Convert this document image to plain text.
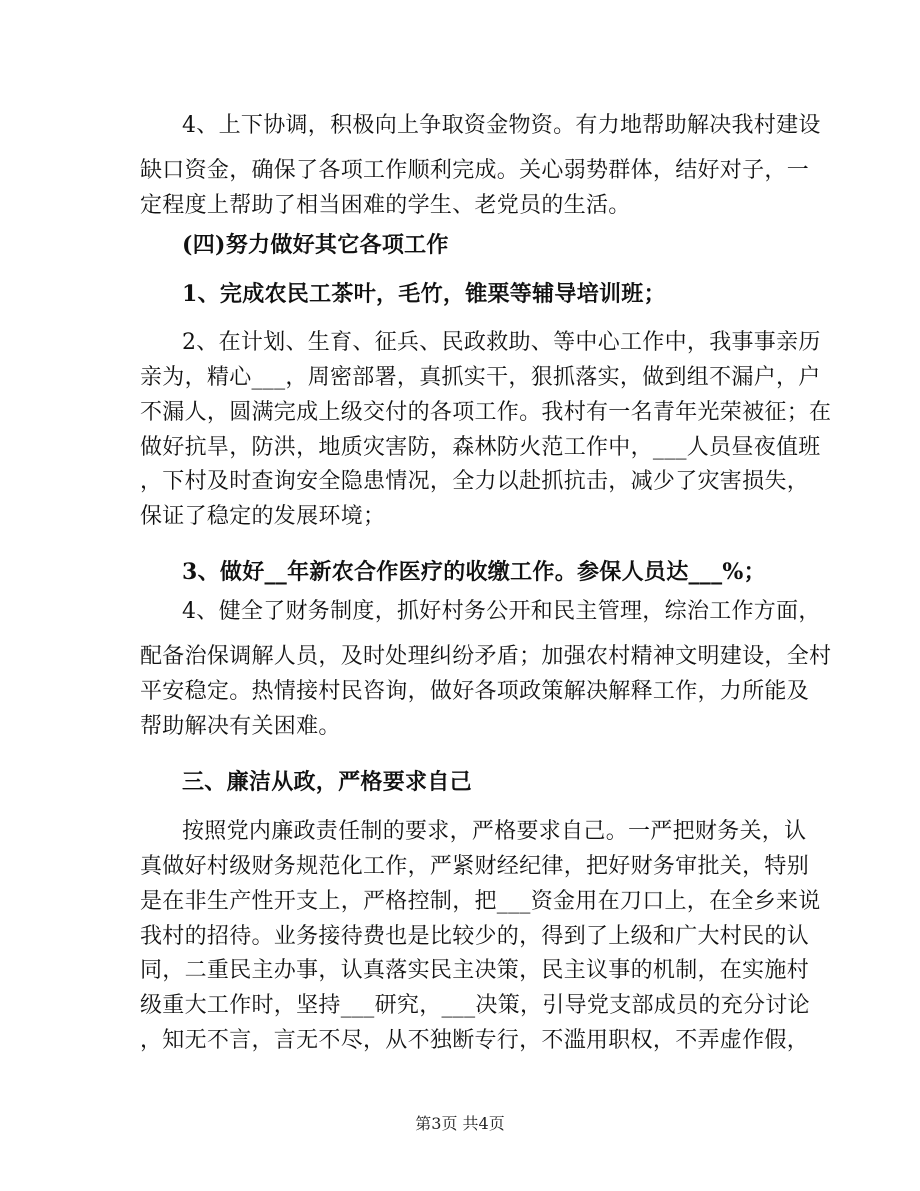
4、上下协调，积极向上争取资金物资。有力地帮助解决我村建设
缺口资金，确保了各项工作顺利完成。关心弱势群体，结好对子，一
定程度上帮助了相当困难的学生、老党员的生活。
(四)努力做好其它各项工作
1、完成农民工茶叶，毛竹，锥栗等辅导培训班；
2、在计划、生育、征兵、民政救助、等中心工作中，我事事亲历
亲为，精心___，周密部署，真抓实干，狠抓落实，做到组不漏户，户
不漏人，圆满完成上级交付的各项工作。我村有一名青年光荣被征；在
做好抗旱，防洪，地质灾害防，森林防火范工作中，___人员昼夜值班
，下村及时查询安全隐患情况，全力以赴抓抗击，减少了灾害损失，
保证了稳定的发展环境；
3、做好__年新农合作医疗的收缴工作。参保人员达___%；
4、健全了财务制度，抓好村务公开和民主管理，综治工作方面，
配备治保调解人员，及时处理纠纷矛盾；加强农村精神文明建设，全村
平安稳定。热情接村民咨询，做好各项政策解决解释工作，力所能及
帮助解决有关困难。
三、廉洁从政，严格要求自己
按照党内廉政责任制的要求，严格要求自己。一严把财务关，认
真做好村级财务规范化工作，严紧财经纪律，把好财务审批关，特别
是在非生产性开支上，严格控制，把___资金用在刀口上，在全乡来说
我村的招待。业务接待费也是比较少的，得到了上级和广大村民的认
同，二重民主办事，认真落实民主决策，民主议事的机制，在实施村
级重大工作时，坚持___研究，___决策，引导党支部成员的充分讨论
，知无不言，言无不尽，从不独断专行，不滥用职权，不弄虚作假，
第3页 共4页
